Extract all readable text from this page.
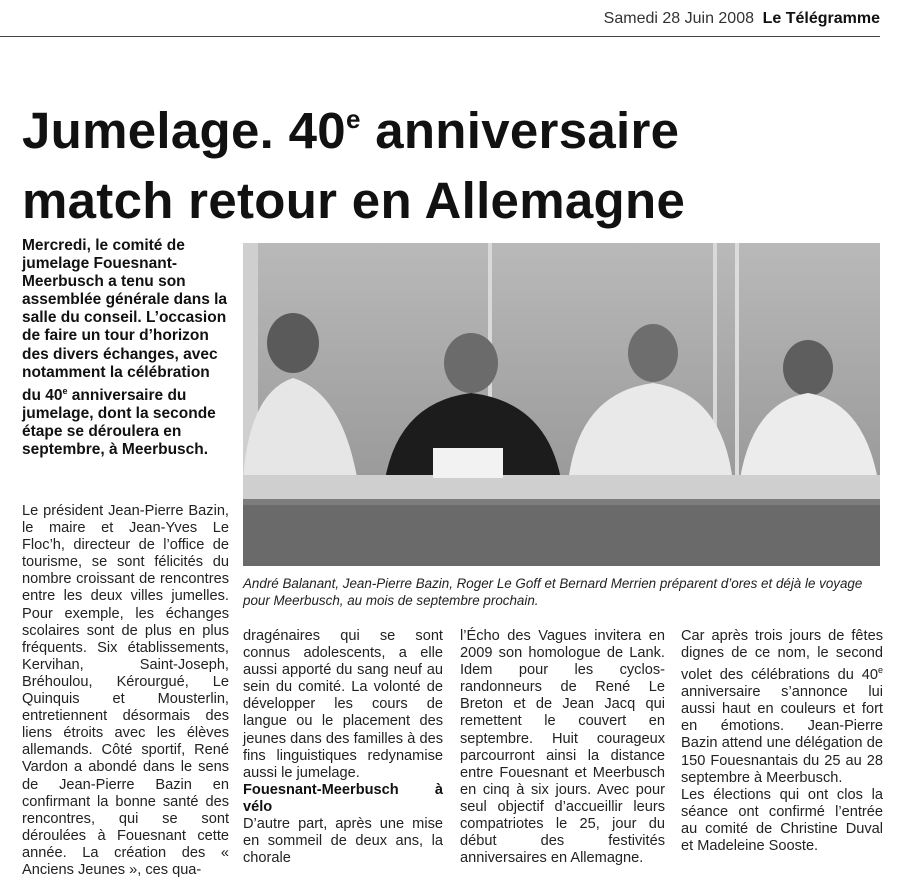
Samedi 28 Juin 2008 Le Télégramme
Jumelage. 40e anniversaire
match retour en Allemagne
Mercredi, le comité de jumelage Fouesnant-Meerbusch a tenu son assemblée générale dans la salle du conseil. L’occasion de faire un tour d’horizon des divers échanges, avec notamment la célébration du 40e anniversaire du jumelage, dont la seconde étape se déroulera en septembre, à Meerbusch.
André Balanant, Jean-Pierre Bazin, Roger Le Goff et Bernard Merrien préparent d’ores et déjà le voyage pour Meerbusch, au mois de septembre prochain.

Le président Jean-Pierre Bazin, le maire et Jean-Yves Le Floc’h, directeur de l’office de tourisme, se sont félicités du nombre croissant de rencontres entre les deux villes jumelles. Pour exemple, les échanges scolaires sont de plus en plus fréquents. Six établissements, Kervihan, Saint-Joseph, Bréhoulou, Kérourgué, Le Quinquis et Mousterlin, entretiennent désormais des liens étroits avec les élèves allemands. Côté sportif, René Vardon a abondé dans le sens de Jean-Pierre Bazin en confirmant la bonne santé des rencontres, qui se sont déroulées à Fouesnant cette année. La création des « Anciens Jeunes », ces qua-

dragénaires qui se sont connus adolescents, a elle aussi apporté du sang neuf au sein du comité. La volonté de développer les cours de langue ou le placement des jeunes dans des familles à des fins linguistiques redynamise aussi le jumelage.

Fouesnant-Meerbusch à vélo

D’autre part, après une mise en sommeil de deux ans, la chorale

l’Écho des Vagues invitera en 2009 son homologue de Lank. Idem pour les cyclos-randonneurs de René Le Breton et de Jean Jacq qui remettent le couvert en septembre. Huit courageux parcourront ainsi la distance entre Fouesnant et Meerbusch en cinq à six jours. Avec pour seul objectif d’accueillir leurs compatriotes le 25, jour du début des festivités anniversaires en Allemagne.

Car après trois jours de fêtes dignes de ce nom, le second volet des célébrations du 40e anniversaire s’annonce lui aussi haut en couleurs et fort en émotions. Jean-Pierre Bazin attend une délégation de 150 Fouesnantais du 25 au 28 septembre à Meerbusch.

Les élections qui ont clos la séance ont confirmé l’entrée au comité de Christine Duval et Madeleine Sooste.
